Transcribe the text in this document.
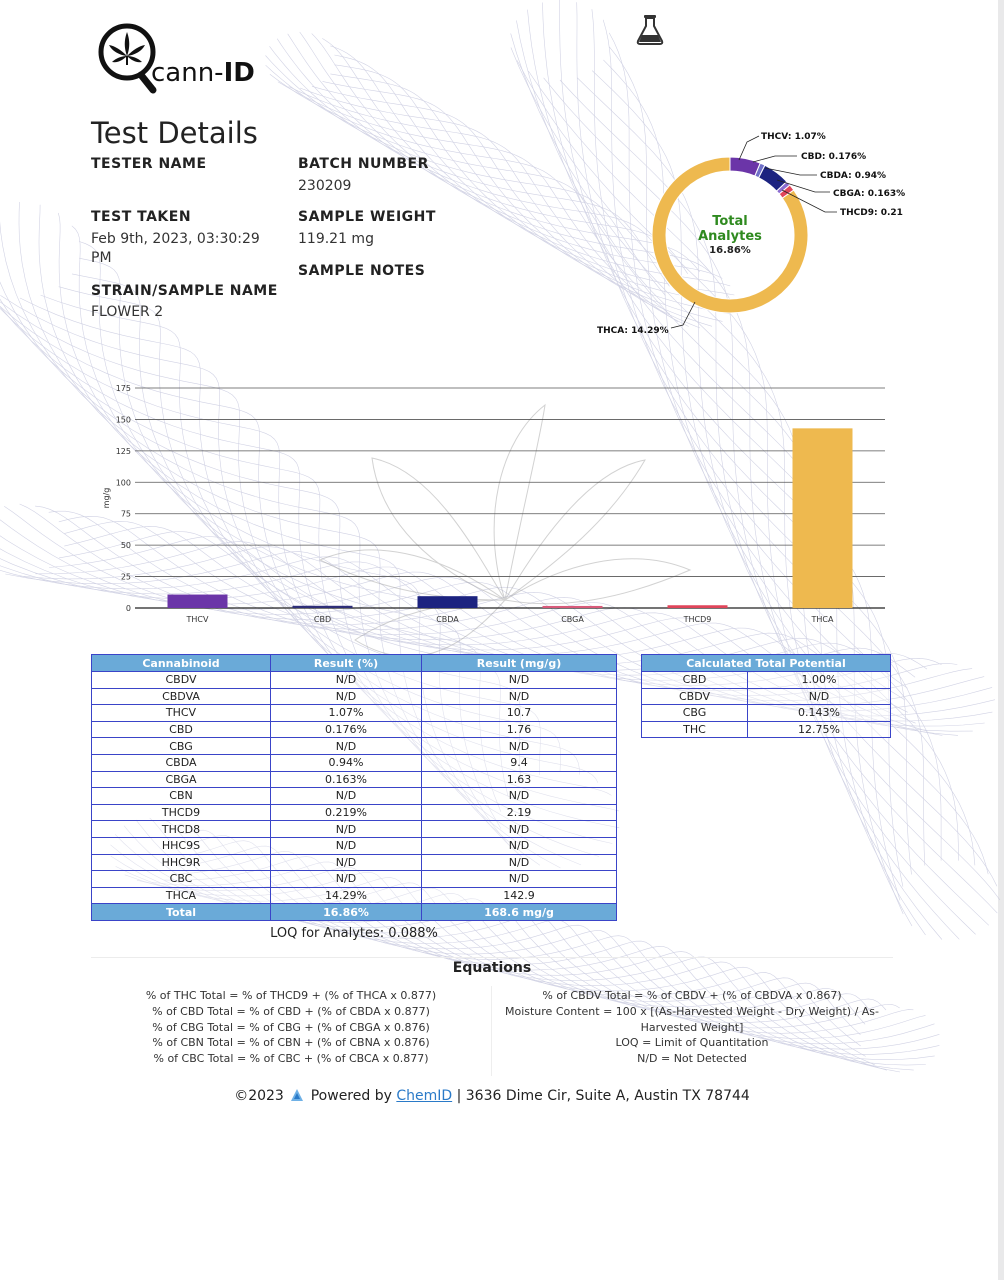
cann-ID
Test Details
TESTER NAME	BATCH NUMBER
230209
TEST TAKEN
Feb 9th, 2023, 03:30:29
PM
SAMPLE WEIGHT
119.21 mg
SAMPLE NOTES
STRAIN/SAMPLE NAME
FLOWER 2
Total
Analytes
16.86%
THCV: 1.07%
CBD: 0.176%
CBDA: 0.94%
CBGA: 0.163%
THCD9: 0.21
THCA: 14.29%
0
25
50
75
100
125
150
175
mg/g
THCV	CBD	CBDA	CBGA	THCD9	THCA
Cannabinoid	Result (%)	Result (mg/g)
CBDV	N/D	N/D
CBDVA	N/D	N/D
THCV	1.07%	10.7
CBD	0.176%	1.76
CBG	N/D	N/D
CBDA	0.94%	9.4
CBGA	0.163%	1.63
CBN	N/D	N/D
THCD9	0.219%	2.19
THCD8	N/D	N/D
HHC9S	N/D	N/D
HHC9R	N/D	N/D
CBC	N/D	N/D
THCA	14.29%	142.9
Total	16.86%	168.6 mg/g
Calculated Total Potential	
CBD	1.00%
CBDV	N/D
CBG	0.143%
THC	12.75%
LOQ for Analytes: 0.088%
Equations
% of THC Total = % of THCD9 + (% of THCA x 0.877)
% of CBD Total = % of CBD + (% of CBDA x 0.877)
% of CBG Total = % of CBG + (% of CBGA x 0.876)
% of CBN Total = % of CBN + (% of CBNA x 0.876)
% of CBC Total = % of CBC + (% of CBCA x 0.877)
% of CBDV Total = % of CBDV + (% of CBDVA x 0.867)
Moisture Content = 100 x [(As-Harvested Weight - Dry Weight) / As-
Harvested Weight]
LOQ = Limit of Quantitation
N/D = Not Detected
©2023 Powered by ChemID | 3636 Dime Cir, Suite A, Austin TX 78744
